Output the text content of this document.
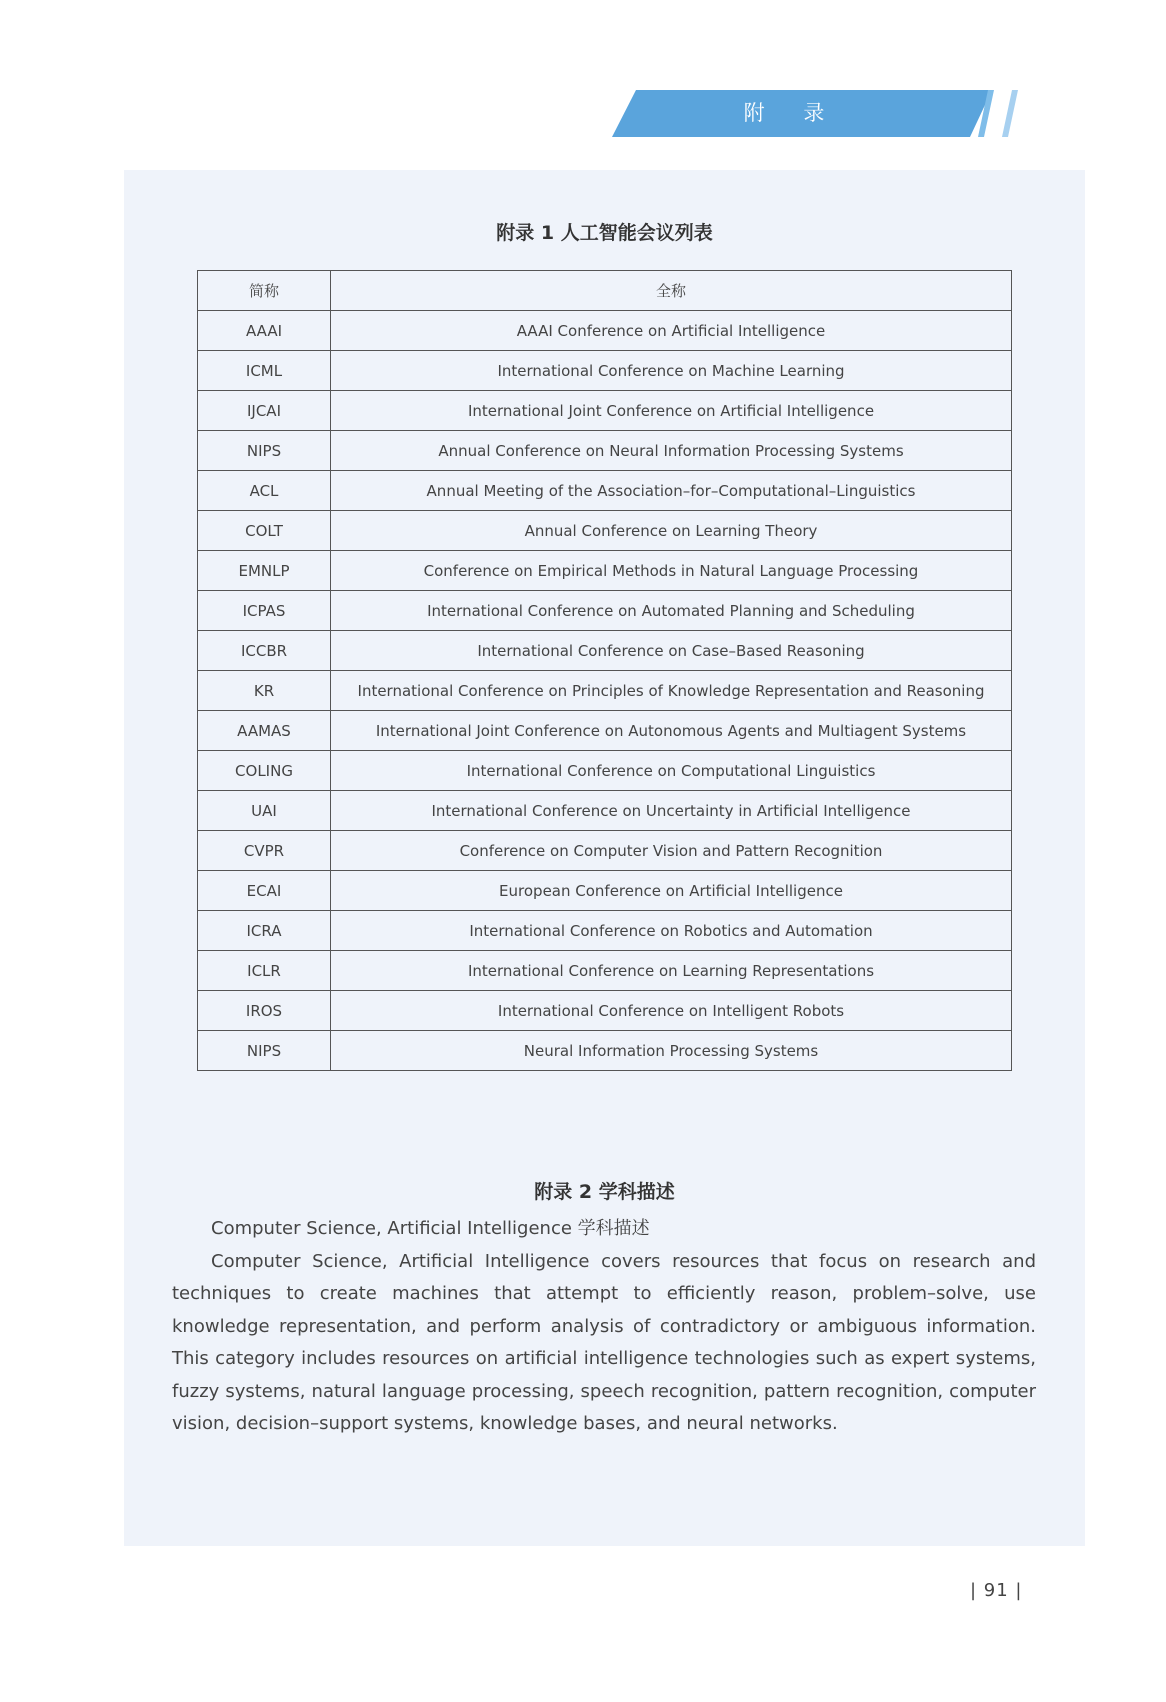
附 录
附录 1 人工智能会议列表
简称	全称
AAAI	AAAI Conference on Artificial Intelligence
ICML	International Conference on Machine Learning
IJCAI	International Joint Conference on Artificial Intelligence
NIPS	Annual Conference on Neural Information Processing Systems
ACL	Annual Meeting of the Association–for–Computational–Linguistics
COLT	Annual Conference on Learning Theory
EMNLP	Conference on Empirical Methods in Natural Language Processing
ICPAS	International Conference on Automated Planning and Scheduling
ICCBR	International Conference on Case–Based Reasoning
KR	International Conference on Principles of Knowledge Representation and Reasoning
AAMAS	International Joint Conference on Autonomous Agents and Multiagent Systems
COLING	International Conference on Computational Linguistics
UAI	International Conference on Uncertainty in Artificial Intelligence
CVPR	Conference on Computer Vision and Pattern Recognition
ECAI	European Conference on Artificial Intelligence
ICRA	International Conference on Robotics and Automation
ICLR	International Conference on Learning Representations
IROS	International Conference on Intelligent Robots
NIPS	Neural Information Processing Systems
附录 2 学科描述

Computer Science, Artificial Intelligence 学科描述

Computer Science, Artificial Intelligence covers resources that focus on research and techniques to create machines that attempt to efficiently reason, problem–solve, use knowledge representation, and perform analysis of contradictory or ambiguous information. This category includes resources on artificial intelligence technologies such as expert systems, fuzzy systems, natural language processing, speech recognition, pattern recognition, computer vision, decision–support systems, knowledge bases, and neural networks.

| 91 |
